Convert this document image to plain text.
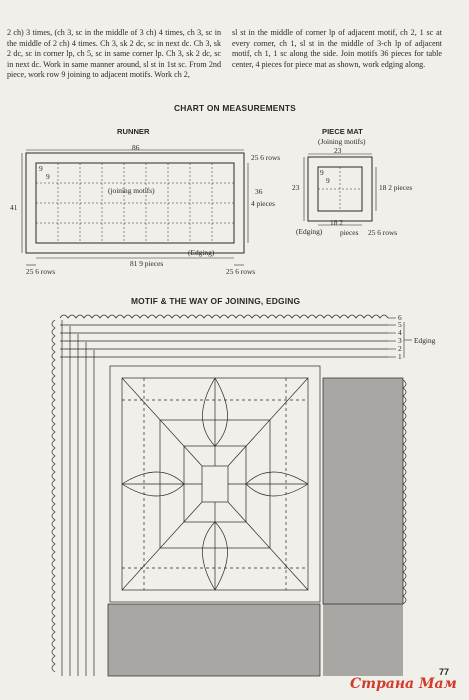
2 ch) 3 times, (ch 3, sc in the middle of 3 ch) 4 times, ch 3, sc in the middle of 2 ch) 4 times. Ch 3, sk 2 dc, sc in next dc. Ch 3, sk 2 dc, sc in corner lp, ch 5, sc in same corner lp. Ch 3, sk 2 dc, sc in next dc. Work in same manner around, sl st in 1st sc. From 2nd piece, work row 9 joining to adjacent motifs. Work ch 2,
sl st in the middle of corner lp of adjacent motif, ch 2, 1 sc at every corner, ch 1, sl st in the middle of 3-ch lp of adjacent motif, ch 1, 1 sc along the side. Join motifs 36 pieces for table center, 4 pieces for piece mat as shown, work edging along.
CHART ON MEASUREMENTS
RUNNER
86
25 6 rows
9
9
(joining motifs)	36
4 pieces
41
(Edging)
81 9 pieces
25 6 rows	25 6 rows
PIECE MAT
(Joining motifs)
23
9
9
23	18 2 pieces
18 2
(Edging) pieces 25 6 rows
MOTIF & THE WAY OF JOINING, EDGING
6
5
4
3
2
1
Edging
77
Страна Мам
